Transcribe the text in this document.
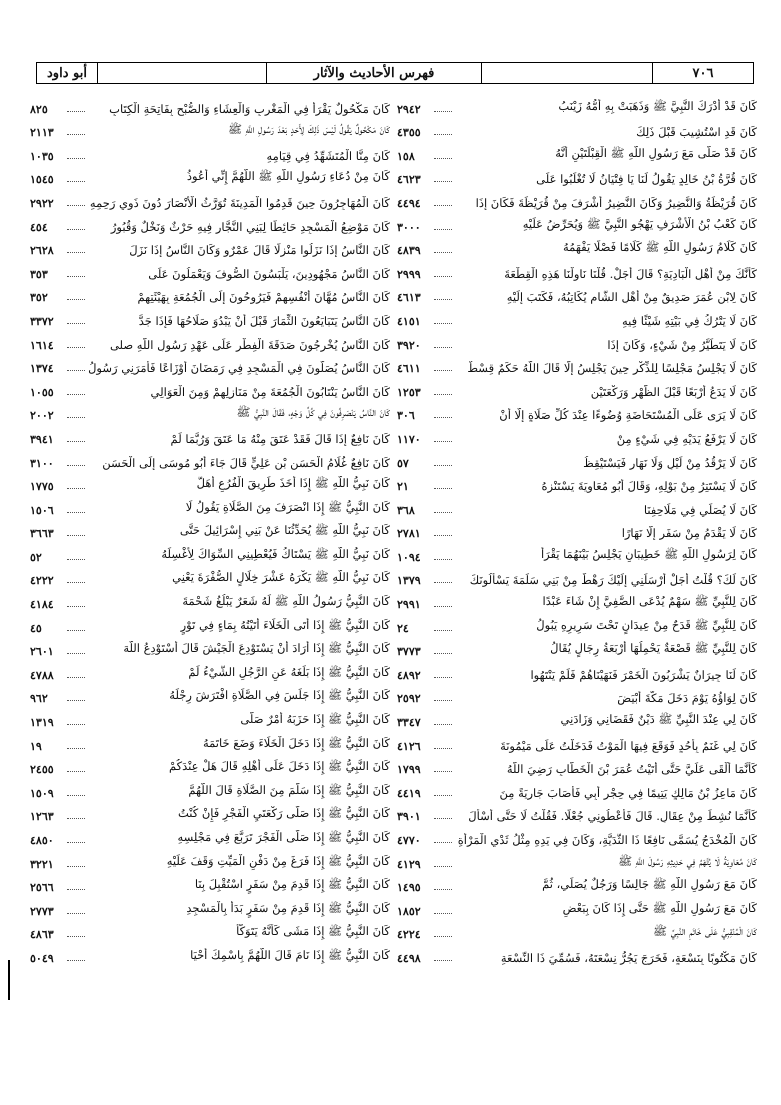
٧٠٦
فهرس الأحاديث والآثار
أبو داود
كَانَ قَدْ أَدْرَكَ النَّبِيَّ ﷺ وَذَهَبَتْ بِهِ أُمُّهُ زَيْنَبُ
٢٩٤٢
كَانَ قَدِ اسْتُشِيبَ قَبْلَ ذَلِكَ
٤٣٥٥
كَانَ قَدْ صَلَّى مَعَ رَسُولِ اللَّهِ ﷺ الْقِبْلَتَيْنِ أَنَّهُ
١٥٨
كَانَ قُرَّةُ بْنُ خَالِدٍ يَقُولُ لَنَا يَا فِتْيَانُ لَا تُغْلَبُوا عَلَى
٤٦٢٣
كَانَ قُرَيْظَةُ وَالنَّضِيرُ وَكَانَ النَّضِيرُ أَشْرَفَ مِنْ قُرَيْظَةَ فَكَانَ إِذَا
٤٤٩٤
كَانَ كَعْبُ بْنُ الْأَشْرَفِ يَهْجُو النَّبِيَّ ﷺ وَيُحَرِّضُ عَلَيْهِ
٣٠٠٠
كَانَ كَلَامُ رَسُولِ اللَّهِ ﷺ كَلَامًا فَصْلًا يَفْهَمُهُ
٤٨٣٩
كَأَنَّكَ مِنْ أَهْلِ الْبَادِيَةِ؟ قَالَ أَجَلْ. قُلْنَا نَاوِلْنَا هَذِهِ الْقِطْعَةَ
٢٩٩٩
كَانَ لِابْنِ عُمَرَ صَدِيقٌ مِنْ أَهْلِ الشَّامِ يُكَاتِبُهُ، فَكَتَبَ إِلَيْهِ
٤٦١٣
كَانَ لَا يَتْرُكُ فِي بَيْتِهِ شَيْئًا فِيهِ
٤١٥١
كَانَ لَا يَتَطَيَّرُ مِنْ شَيْءٍ، وَكَانَ إِذَا
٣٩٢٠
كَانَ لَا يَجْلِسُ مَجْلِسًا لِلذِّكْرِ حِينَ يَجْلِسُ إِلَّا قَالَ اللَّهُ حَكَمٌ قِسْطٌ
٤٦١١
كَانَ لَا يَدَعُ أَرْبَعًا قَبْلَ الظُّهْرِ وَرَكْعَتَيْنِ
١٢٥٣
كَانَ لَا يَرَى عَلَى الْمُسْتَحَاضَةِ وُضُوءًا عِنْدَ كُلِّ صَلَاةٍ إِلَّا أَنْ
٣٠٦
كَانَ لَا يَرْفَعُ يَدَيْهِ فِي شَيْءٍ مِنْ
١١٧٠
كَانَ لَا يَرْقُدُ مِنْ لَيْلٍ وَلَا نَهَارٍ فَيَسْتَيْقِظُ
٥٧
كَانَ لَا يَسْتَتِرُ مِنْ بَوْلِهِ، وَقَالَ أَبُو مُعَاوِيَةَ يَسْتَنْزِهُ
٢١
كَانَ لَا يُصَلِّي فِي مَلَاحِفِنَا
٣٦٨
كَانَ لَا يَقْدَمُ مِنْ سَفَرٍ إِلَّا نَهَارًا
٢٧٨١
كَانَ لِرَسُولِ اللَّهِ ﷺ خَطِيبَانِ يَجْلِسُ بَيْنَهُمَا يَقْرَأُ
١٠٩٤
كَانَ لَكَ؟ قُلْتُ أَجَلْ أَرْسَلَنِي إِلَيْكَ رَهْطٌ مِنْ بَنِي سَلَمَةَ يَسْأَلُونَكَ
١٣٧٩
كَانَ لِلنَّبِيِّ ﷺ سَهْمٌ يُدْعَى الصَّفِيَّ إِنْ شَاءَ عَبْدًا
٢٩٩١
كَانَ لِلنَّبِيِّ ﷺ قَدَحٌ مِنْ عِيدَانٍ تَحْتَ سَرِيرِهِ يَبُولُ
٢٤
كَانَ لِلنَّبِيِّ ﷺ قَصْعَةٌ يَحْمِلُهَا أَرْبَعَةُ رِجَالٍ يُقَالُ
٣٧٧٣
كَانَ لَنَا جِيرَانٌ يَشْرَبُونَ الْخَمْرَ فَنَهَيْنَاهُمْ فَلَمْ يَنْتَهُوا
٤٨٩٢
كَانَ لِوَاؤُهُ يَوْمَ دَخَلَ مَكَّةَ أَبْيَضَ
٢٥٩٢
كَانَ لِي عِنْدَ النَّبِيِّ ﷺ دَيْنٌ فَقَضَانِي وَزَادَنِي
٣٣٤٧
كَانَ لِي غَنَمٌ بِأُحُدٍ فَوَقَعَ فِيهَا الْمَوْتُ فَدَخَلْتُ عَلَى مَيْمُونَةَ
٤١٢٦
كَأَنَّمَا أَلْقَى عَلَيَّ حَتَّى أَتَيْتُ عُمَرَ بْنَ الْخَطَّابِ رَضِيَ اللَّهُ
١٧٩٩
كَانَ مَاعِزُ بْنُ مَالِكٍ يَتِيمًا فِي حِجْرِ أَبِي فَأَصَابَ جَارِيَةً مِنَ
٤٤١٩
كَأَنَّمَا نُشِطَ مِنْ عِقَالٍ. قَالَ فَأَعْطُونِي جُعْلًا. فَقُلْتُ لَا حَتَّى أَسْأَلَ
٣٩٠١
كَانَ الْمُخْدَجُ يُسَمَّى نَافِعًا ذَا الثُّدَيَّةِ، وَكَانَ فِي يَدِهِ مِثْلُ ثَدْيِ الْمَرْأَةِ
٤٧٧٠
كَانَ مُعَاوِيَةُ لَا يُتَّهَمُ فِي حَدِيثِهِ رَسُولَ اللَّهِ ﷺ
٤١٢٩
كَانَ مَعَ رَسُولِ اللَّهِ ﷺ جَالِسًا وَرَجُلٌ يُصَلِّي، ثُمَّ
١٤٩٥
كَانَ مَعَ رَسُولِ اللَّهِ ﷺ حَتَّى إِذَا كَانَ بِبَعْضِ
١٨٥٢
كَانَ الْمُنْقِبِيُّ عَلَى خَاتَمِ النَّبِيِّ ﷺ
٤٢٢٤
كَانَ مَكْتُوبًا بِنَسْعَةٍ، فَخَرَجَ يَجُرُّ نِسْعَتَهُ، فَسُمِّيَ ذَا النِّسْعَةِ
٤٤٩٨
كَانَ مَكْحُولٌ يَقْرَأُ فِي الْمَغْرِبِ وَالْعِشَاءِ وَالصُّبْحِ بِفَاتِحَةِ الْكِتَابِ
٨٢٥
كَانَ مَكْحُولٌ يَقُولُ لَيْسَ ذَلِكَ لِأَحَدٍ بَعْدَ رَسُولِ اللَّهِ ﷺ
٢١١٣
كَانَ مِنَّا الْمُتَشَهِّدُ فِي قِيَامِهِ
١٠٣٥
كَانَ مِنْ دُعَاءِ رَسُولِ اللَّهِ ﷺ اللَّهُمَّ إِنِّي أَعُوذُ
١٥٤٥
كَانَ الْمُهَاجِرُونَ حِينَ قَدِمُوا الْمَدِينَةَ تُوَرَّثُ الْأَنْصَارَ دُونَ ذَوِي رَحِمِهِ
٢٩٢٢
كَانَ مَوْضِعُ الْمَسْجِدِ حَائِطًا لِبَنِي النَّجَّارِ فِيهِ حَرْثٌ وَنَخْلٌ وَقُبُورُ
٤٥٤
كَانَ النَّاسُ إِذَا نَزَلُوا مَنْزِلًا قَالَ عَمْرٌو وَكَانَ النَّاسُ إِذَا نَزَلَ
٢٦٢٨
كَانَ النَّاسُ مَجْهُودِينَ، يَلْبَسُونَ الصُّوفَ وَيَعْمَلُونَ عَلَى
٣٥٣
كَانَ النَّاسُ مُهَّانَ أَنْفُسِهِمْ فَيَرُوحُونَ إِلَى الْجُمُعَةِ بِهَيْئَتِهِمْ
٣٥٢
كَانَ النَّاسُ يَتَبَايَعُونَ الثِّمَارَ قَبْلَ أَنْ يَبْدُوَ صَلَاحُهَا فَإِذَا جَدَّ
٣٣٧٢
كَانَ النَّاسُ يُخْرِجُونَ صَدَقَةَ الْفِطْرِ عَلَى عَهْدِ رَسُولِ اللَّهِ صلى
١٦١٤
كَانَ النَّاسُ يُصَلُّونَ فِي الْمَسْجِدِ فِي رَمَضَانَ أَوْزَاعًا فَأَمَرَنِي رَسُولُ
١٣٧٤
كَانَ النَّاسُ يَنْتَابُونَ الْجُمُعَةَ مِنْ مَنَازِلِهِمْ وَمِنَ الْعَوَالِي
١٠٥٥
كَانَ النَّاسُ يَنْصَرِفُونَ فِي كُلِّ وَجْهٍ، فَقَالَ النَّبِيُّ ﷺ
٢٠٠٢
كَانَ نَافِعٌ إِذَا قَالَ فَقَدْ عَتَقَ مِنْهُ مَا عَتَقَ وَرُبَّمَا لَمْ
٣٩٤١
كَانَ نَافِعٌ غُلَامُ الْحَسَنِ بْنِ عَلِيٍّ قَالَ جَاءَ أَبُو مُوسَى إِلَى الْحَسَنِ
٣١٠٠
كَانَ نَبِيُّ اللَّهِ ﷺ إِذَا أَخَذَ طَرِيقَ الْفُرُعِ أَهَلَّ
١٧٧٥
كَانَ النَّبِيُّ ﷺ إِذَا انْصَرَفَ مِنَ الصَّلَاةِ يَقُولُ لَا
١٥٠٦
كَانَ نَبِيُّ اللَّهِ ﷺ يُحَدِّثُنَا عَنْ بَنِي إِسْرَائِيلَ حَتَّى
٣٦٦٣
كَانَ نَبِيُّ اللَّهِ ﷺ يَسْتَاكُ فَيُعْطِينِي السِّوَاكَ لِأَغْسِلَهُ
٥٢
كَانَ نَبِيُّ اللَّهِ ﷺ يَكْرَهُ عَشْرَ خِلَالٍ الصُّفْرَةَ يَعْنِي
٤٢٢٢
كَانَ النَّبِيُّ رَسُولُ اللَّهِ ﷺ لَهُ شَعَرٌ يَبْلُغُ شَحْمَةَ
٤١٨٤
كَانَ النَّبِيُّ ﷺ إِذَا أَتَى الْخَلَاءَ أَتَيْتُهُ بِمَاءٍ فِي تَوْرٍ
٤٥
كَانَ النَّبِيُّ ﷺ إِذَا أَرَادَ أَنْ يَسْتَوْدِعَ الْجَيْشَ قَالَ أَسْتَوْدِعُ اللَّهَ
٢٦٠١
كَانَ النَّبِيُّ ﷺ إِذَا بَلَغَهُ عَنِ الرَّجُلِ الشَّيْءُ لَمْ
٤٧٨٨
كَانَ النَّبِيُّ ﷺ إِذَا جَلَسَ فِي الصَّلَاةِ افْتَرَشَ رِجْلَهُ
٩٦٢
كَانَ النَّبِيُّ ﷺ إِذَا حَزَبَهُ أَمْرٌ صَلَّى
١٣١٩
كَانَ النَّبِيُّ ﷺ إِذَا دَخَلَ الْخَلَاءَ وَضَعَ خَاتَمَهُ
١٩
كَانَ النَّبِيُّ ﷺ إِذَا دَخَلَ عَلَى أَهْلِهِ قَالَ هَلْ عِنْدَكُمْ
٢٤٥٥
كَانَ النَّبِيُّ ﷺ إِذَا سَلَّمَ مِنَ الصَّلَاةِ قَالَ اللَّهُمَّ
١٥٠٩
كَانَ النَّبِيُّ ﷺ إِذَا صَلَّى رَكْعَتَيِ الْفَجْرِ فَإِنْ كُنْتُ
١٢٦٣
كَانَ النَّبِيُّ ﷺ إِذَا صَلَّى الْفَجْرَ تَرَبَّعَ فِي مَجْلِسِهِ
٤٨٥٠
كَانَ النَّبِيُّ ﷺ إِذَا فَرَغَ مِنْ دَفْنِ الْمَيِّتِ وَقَفَ عَلَيْهِ
٣٢٢١
كَانَ النَّبِيُّ ﷺ إِذَا قَدِمَ مِنْ سَفَرٍ اسْتُقْبِلَ بِنَا
٢٥٦٦
كَانَ النَّبِيُّ ﷺ إِذَا قَدِمَ مِنْ سَفَرٍ بَدَأَ بِالْمَسْجِدِ
٢٧٧٣
كَانَ النَّبِيُّ ﷺ إِذَا مَشَى كَأَنَّهُ يَتَوَكَّأُ
٤٨٦٣
كَانَ النَّبِيُّ ﷺ إِذَا نَامَ قَالَ اللَّهُمَّ بِاسْمِكَ أَحْيَا
٥٠٤٩
